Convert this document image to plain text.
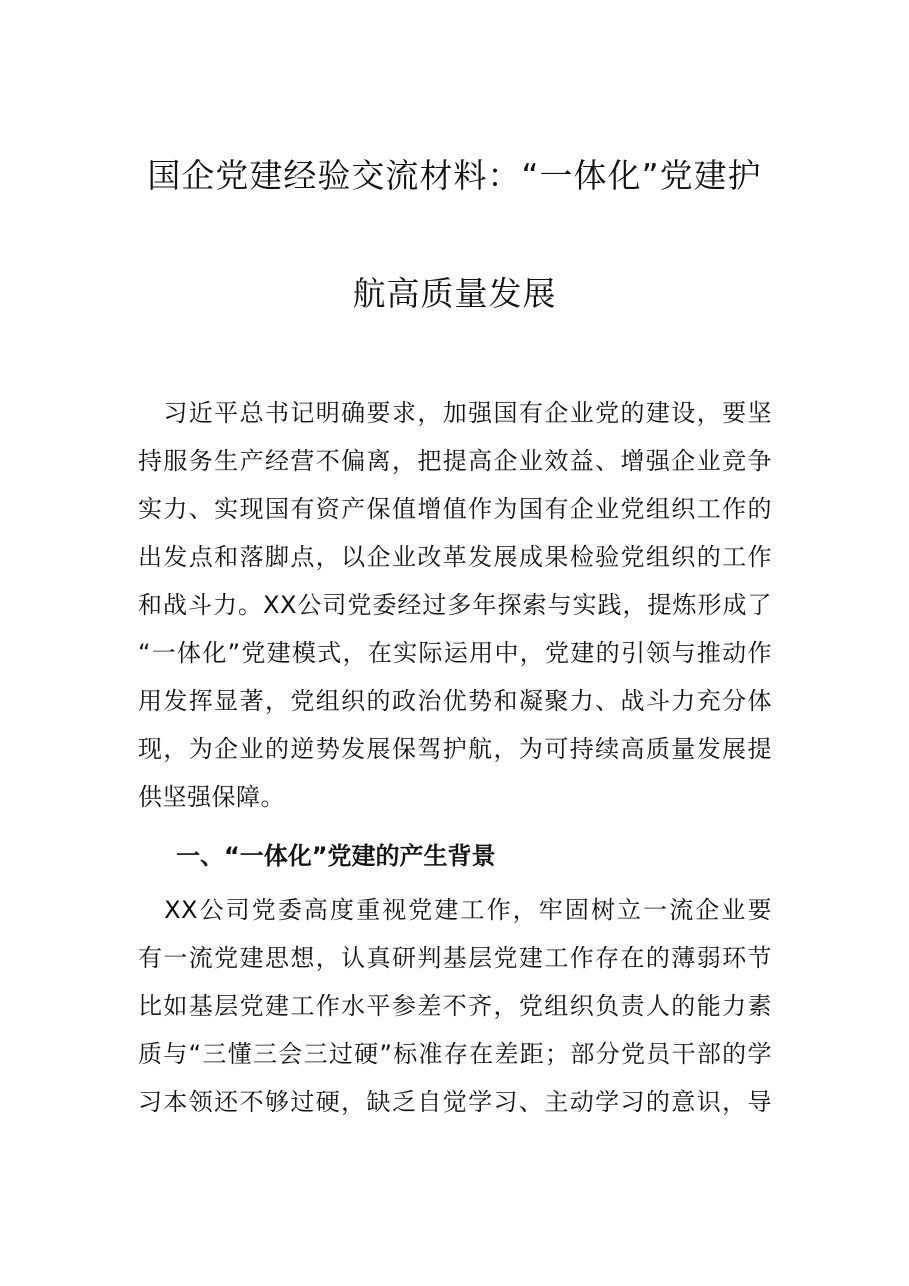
国企党建经验交流材料：“一体化”党建护
航高质量发展
　习近平总书记明确要求，加强国有企业党的建设，要坚
持服务生产经营不偏离，把提高企业效益、增强企业竞争
实力、实现国有资产保值增值作为国有企业党组织工作的
出发点和落脚点，以企业改革发展成果检验党组织的工作
和战斗力。XX公司党委经过多年探索与实践，提炼形成了
“一体化”党建模式，在实际运用中，党建的引领与推动作
用发挥显著，党组织的政治优势和凝聚力、战斗力充分体
现，为企业的逆势发展保驾护航，为可持续高质量发展提
供坚强保障。
一、“一体化”党建的产生背景
　XX公司党委高度重视党建工作，牢固树立一流企业要
有一流党建思想，认真研判基层党建工作存在的薄弱环节
比如基层党建工作水平参差不齐，党组织负责人的能力素
质与“三懂三会三过硬”标准存在差距；部分党员干部的学
习本领还不够过硬，缺乏自觉学习、主动学习的意识，导
